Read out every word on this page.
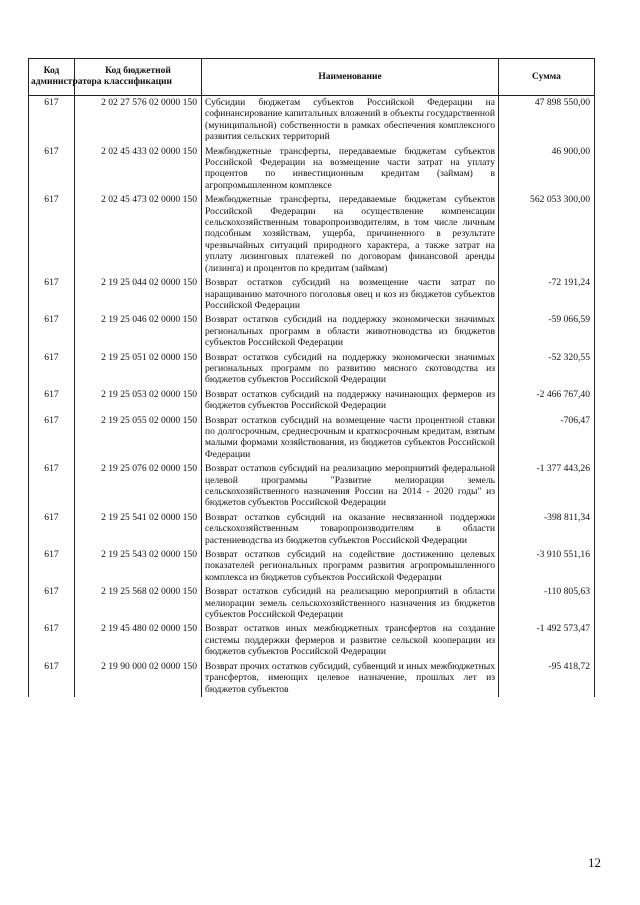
Код администратора	Код бюджетной классификации	Наименование	Сумма
617	2 02 27 576 02 0000 150	Субсидии бюджетам субъектов Российской Федерации на софинансирование капитальных вложений в объекты государственной (муниципальной) собственности в рамках обеспечения комплексного развития сельских территорий	47 898 550,00
617	2 02 45 433 02 0000 150	Межбюджетные трансферты, передаваемые бюджетам субъектов Российской Федерации на возмещение части затрат на уплату процентов по инвестиционным кредитам (займам) в агропромышленном комплексе	46 900,00
617	2 02 45 473 02 0000 150	Межбюджетные трансферты, передаваемые бюджетам субъектов Российской Федерации на осуществление компенсации сельскохозяйственным товаропроизводителям, в том числе личным подсобным хозяйствам, ущерба, причиненного в результате чрезвычайных ситуаций природного характера, а также затрат на уплату лизинговых платежей по договорам финансовой аренды (лизинга) и процентов по кредитам (займам)	562 053 300,00
617	2 19 25 044 02 0000 150	Возврат остатков субсидий на возмещение части затрат по наращиванию маточного поголовья овец и коз из бюджетов субъектов Российской Федерации	-72 191,24
617	2 19 25 046 02 0000 150	Возврат остатков субсидий на поддержку экономически значимых региональных программ в области животноводства из бюджетов субъектов Российской Федерации	-59 066,59
617	2 19 25 051 02 0000 150	Возврат остатков субсидий на поддержку экономически значимых региональных программ по развитию мясного скотоводства из бюджетов субъектов Российской Федерации	-52 320,55
617	2 19 25 053 02 0000 150	Возврат остатков субсидий на поддержку начинающих фермеров из бюджетов субъектов Российской Федерации	-2 466 767,40
617	2 19 25 055 02 0000 150	Возврат остатков субсидий на возмещение части процентной ставки по долгосрочным, среднесрочным и краткосрочным кредитам, взятым малыми формами хозяйствования, из бюджетов субъектов Российской Федерации	-706,47
617	2 19 25 076 02 0000 150	Возврат остатков субсидий на реализацию мероприятий федеральной целевой программы "Развитие мелиорации земель сельскохозяйственного назначения России на 2014 - 2020 годы" из бюджетов субъектов Российской Федерации	-1 377 443,26
617	2 19 25 541 02 0000 150	Возврат остатков субсидий на оказание несвязанной поддержки сельскохозяйственным товаропроизводителям в области растениеводства из бюджетов субъектов Российской Федерации	-398 811,34
617	2 19 25 543 02 0000 150	Возврат остатков субсидий на содействие достижению целевых показателей региональных программ развития агропромышленного комплекса из бюджетов субъектов Российской Федерации	-3 910 551,16
617	2 19 25 568 02 0000 150	Возврат остатков субсидий на реализацию мероприятий в области мелиорации земель сельскохозяйственного назначения из бюджетов субъектов Российской Федерации	-110 805,63
617	2 19 45 480 02 0000 150	Возврат остатков иных межбюджетных трансфертов на создание системы поддержки фермеров и развитие сельской кооперации из бюджетов субъектов Российской Федерации	-1 492 573,47
617	2 19 90 000 02 0000 150	Возврат прочих остатков субсидий, субвенций и иных межбюджетных трансфертов, имеющих целевое назначение, прошлых лет из бюджетов субъектов	-95 418,72
12
